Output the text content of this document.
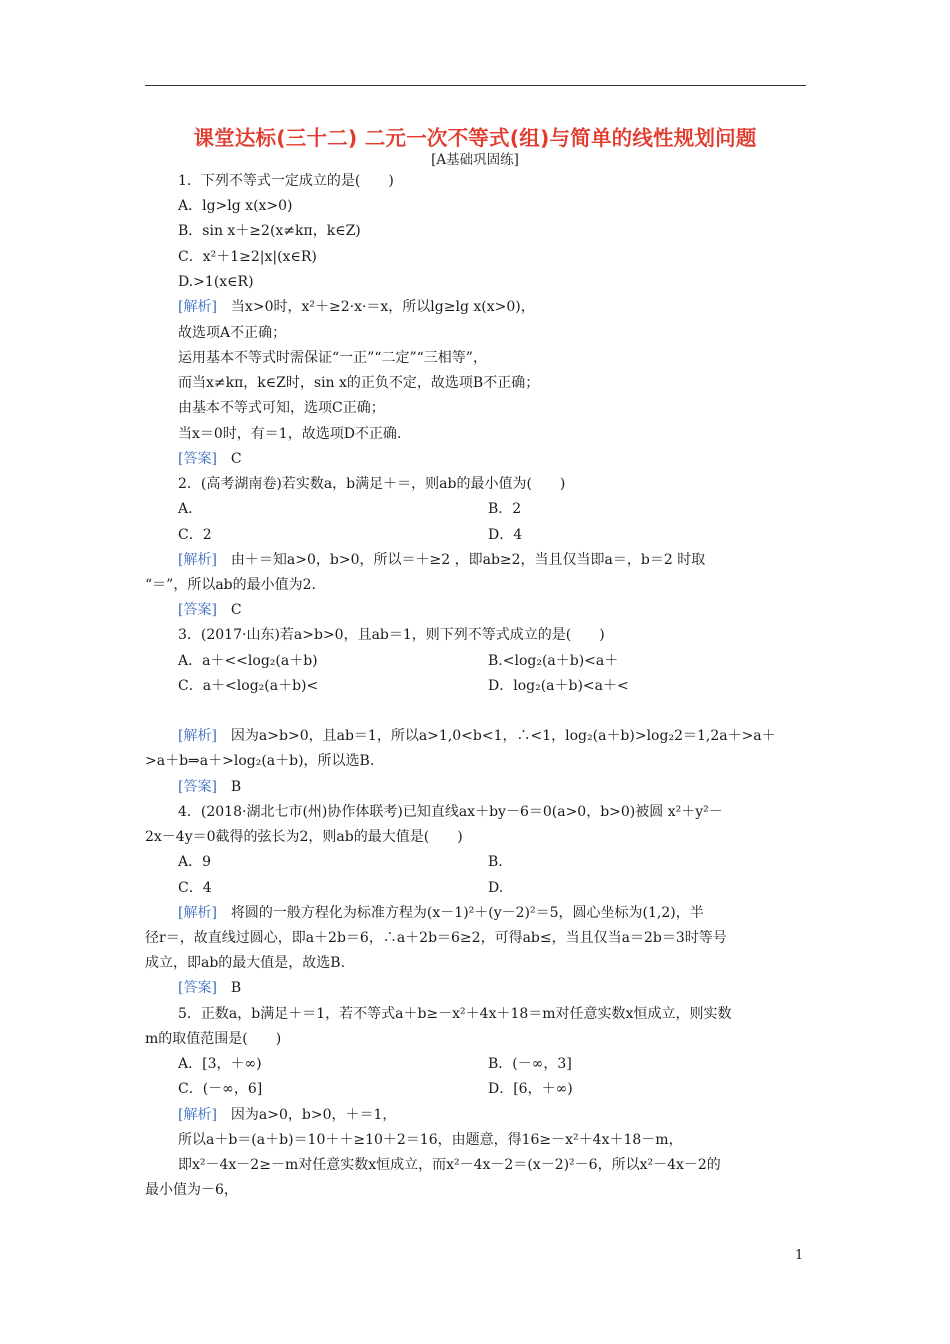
课堂达标(三十二) 二元一次不等式(组)与简单的线性规划问题
[A基础巩固练]
1．下列不等式一定成立的是(　　)
A．lg>lg x(x>0)
B．sin x＋≥2(x≠kπ，k∈Z)
C．x²＋1≥2|x|(x∈R)
D.>1(x∈R)
[解析]　当x>0时，x²＋≥2·x·＝x，所以lg≥lg x(x>0)，
故选项A不正确；
运用基本不等式时需保证“一正”“二定”“三相等”，
而当x≠kπ，k∈Z时，sin x的正负不定，故选项B不正确；
由基本不等式可知，选项C正确；
当x＝0时，有＝1，故选项D不正确.
[答案]　C
2．(高考湖南卷)若实数a，b满足＋＝，则ab的最小值为(　　)
A.	B．2
C．2	D．4
[解析]　由＋＝知a>0，b>0，所以＝＋≥2 ，即ab≥2，当且仅当即a＝，b＝2 时取
“＝”，所以ab的最小值为2.
[答案]　C
3．(2017·山东)若a>b>0，且ab＝1，则下列不等式成立的是(　　)
A．a＋<<log₂(a＋b)	B.<log₂(a＋b)<a＋
C．a＋<log₂(a＋b)<	D．log₂(a＋b)<a＋<
[解析]　因为a>b>0，且ab＝1，所以a>1,0<b<1，∴<1，log₂(a＋b)>log₂2＝1,2a＋>a＋
>a＋b⇒a＋>log₂(a＋b)，所以选B.
[答案]　B
4．(2018·湖北七市(州)协作体联考)已知直线ax＋by－6＝0(a>0，b>0)被圆 x²＋y²－
2x－4y＝0截得的弦长为2，则ab的最大值是(　　)
A．9	B.
C．4	D.
[解析]　将圆的一般方程化为标准方程为(x－1)²＋(y－2)²＝5，圆心坐标为(1,2)，半
径r＝，故直线过圆心，即a＋2b＝6，∴a＋2b＝6≥2，可得ab≤，当且仅当a＝2b＝3时等号
成立，即ab的最大值是，故选B.
[答案]　B
5．正数a，b满足＋＝1，若不等式a＋b≥－x²＋4x＋18＝m对任意实数x恒成立，则实数
m的取值范围是(　　)
A．[3，＋∞)	B．(－∞，3]
C．(－∞，6]	D．[6，＋∞)
[解析]　因为a>0，b>0，＋＝1，
所以a＋b＝(a＋b)＝10＋＋≥10＋2＝16，由题意，得16≥－x²＋4x＋18－m，
即x²－4x－2≥－m对任意实数x恒成立，而x²－4x－2＝(x－2)²－6，所以x²－4x－2的
最小值为－6，
1
